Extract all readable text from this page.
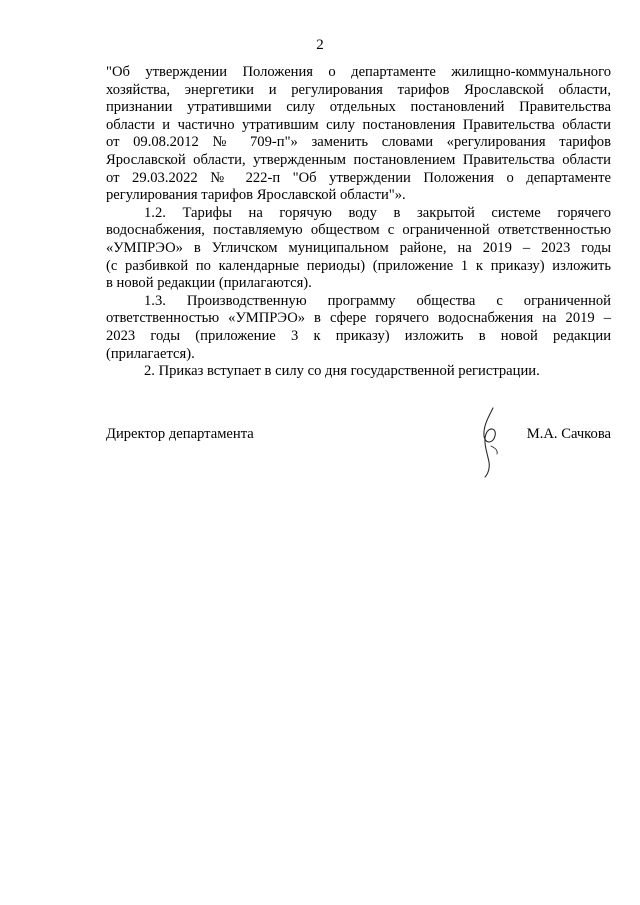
2

"Об утверждении Положения о департаменте жилищно-коммунального
хозяйства, энергетики и регулирования тарифов Ярославской области,
признании утратившими силу отдельных постановлений Правительства
области и частично утратившим силу постановления Правительства области
от 09.08.2012 № 709-п"» заменить словами «регулирования тарифов
Ярославской области, утвержденным постановлением Правительства области
от 29.03.2022 № 222-п "Об утверждении Положения о департаменте
регулирования тарифов Ярославской области"».

1.2. Тарифы на горячую воду в закрытой системе горячего
водоснабжения, поставляемую обществом с ограниченной ответственностью
«УМПРЭО» в Угличском муниципальном районе, на 2019 – 2023 годы
(с разбивкой по календарные периоды) (приложение 1 к приказу) изложить
в новой редакции (прилагаются).

1.3. Производственную программу общества с ограниченной
ответственностью «УМПРЭО» в сфере горячего водоснабжения на 2019 –
2023 годы (приложение 3 к приказу) изложить в новой редакции
(прилагается).

2. Приказ вступает в силу со дня государственной регистрации.

Директор департамента	М.А. Сачкова
